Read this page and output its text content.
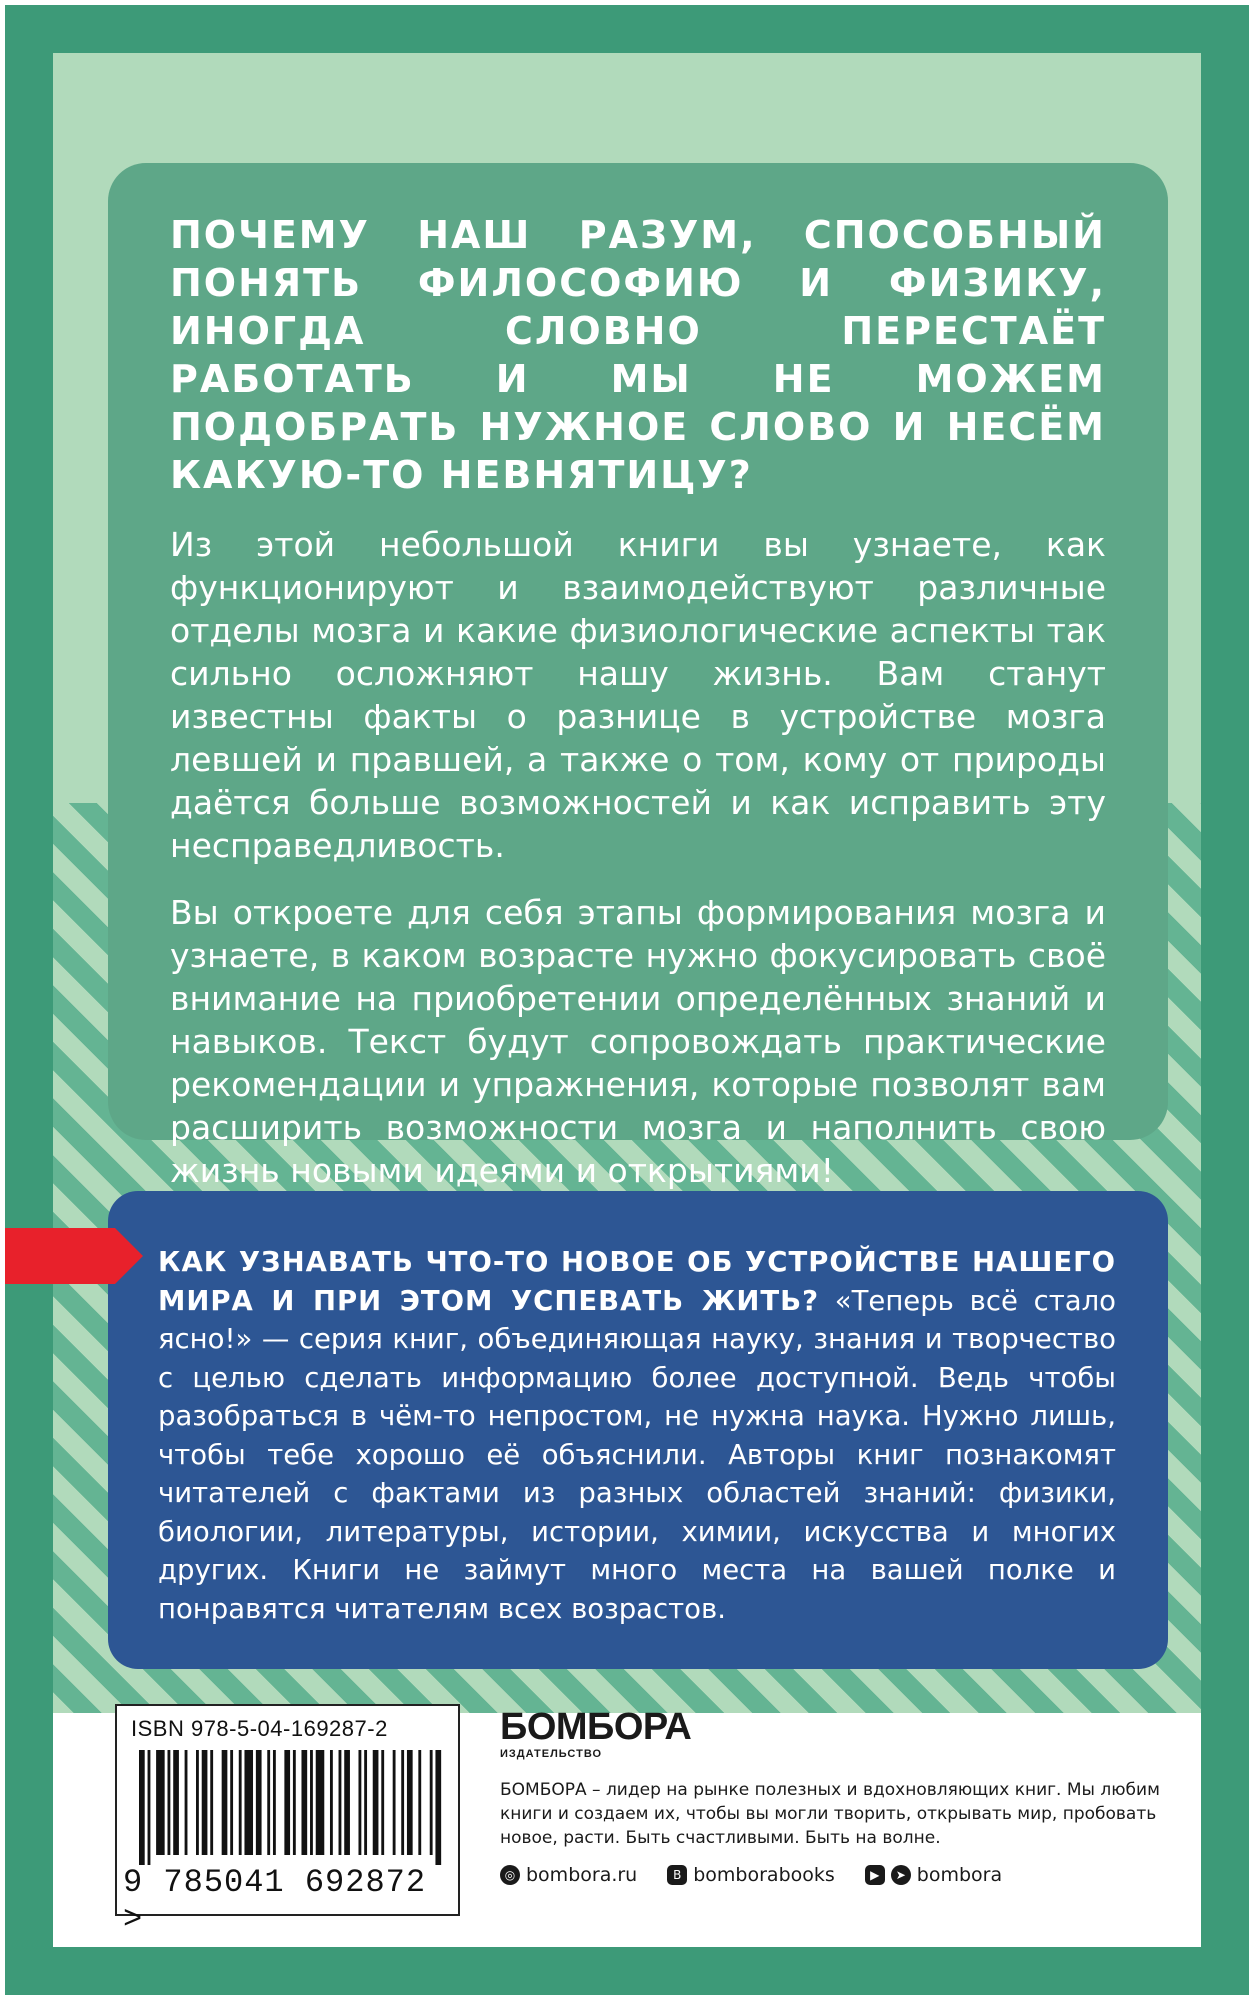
ПОЧЕМУ НАШ РАЗУМ, СПОСОБНЫЙ ПОНЯТЬ ФИЛОСОФИЮ И ФИЗИКУ, ИНОГДА СЛОВНО ПЕРЕСТАЁТ РАБОТАТЬ И МЫ НЕ МОЖЕМ ПОДОБРАТЬ НУЖНОЕ СЛОВО И НЕСЁМ КАКУЮ-ТО НЕВНЯТИЦУ?

Из этой небольшой книги вы узнаете, как функционируют и взаимодействуют различные отделы мозга и какие физиологические аспекты так сильно осложняют нашу жизнь. Вам станут известны факты о разнице в устройстве мозга левшей и правшей, а также о том, кому от природы даётся больше возможностей и как исправить эту несправедливость.

Вы откроете для себя этапы формирования мозга и узнаете, в каком возрасте нужно фокусировать своё внимание на приобретении определённых знаний и навыков. Текст будут сопровождать практические рекомендации и упражнения, которые позволят вам расширить возможности мозга и наполнить свою жизнь новыми идеями и открытиями!

КАК УЗНАВАТЬ ЧТО-ТО НОВОЕ ОБ УСТРОЙСТВЕ НАШЕГО МИРА И ПРИ ЭТОМ УСПЕВАТЬ ЖИТЬ? «Теперь всё стало ясно!» — серия книг, объединяющая науку, знания и творчество с целью сделать информацию более доступной. Ведь чтобы разобраться в чём-то непростом, не нужна наука. Нужно лишь, чтобы тебе хорошо её объяснили. Авторы книг познакомят читателей с фактами из разных областей знаний: физики, биологии, литературы, истории, химии, искусства и многих других. Книги не займут много места на вашей полке и понравятся читателям всех возрастов.

ISBN 978-5-04-169287-2
9 785041 692872 >
БОМБОРА
ИЗДАТЕЛЬСТВО
БОМБОРА – лидер на рынке полезных и вдохновляющих книг. Мы любим книги и создаем их, чтобы вы могли творить, открывать мир, пробовать новое, расти. Быть счастливыми. Быть на волне.
◎ bombora.ru	В bomborabooks	▶	➤ bombora
